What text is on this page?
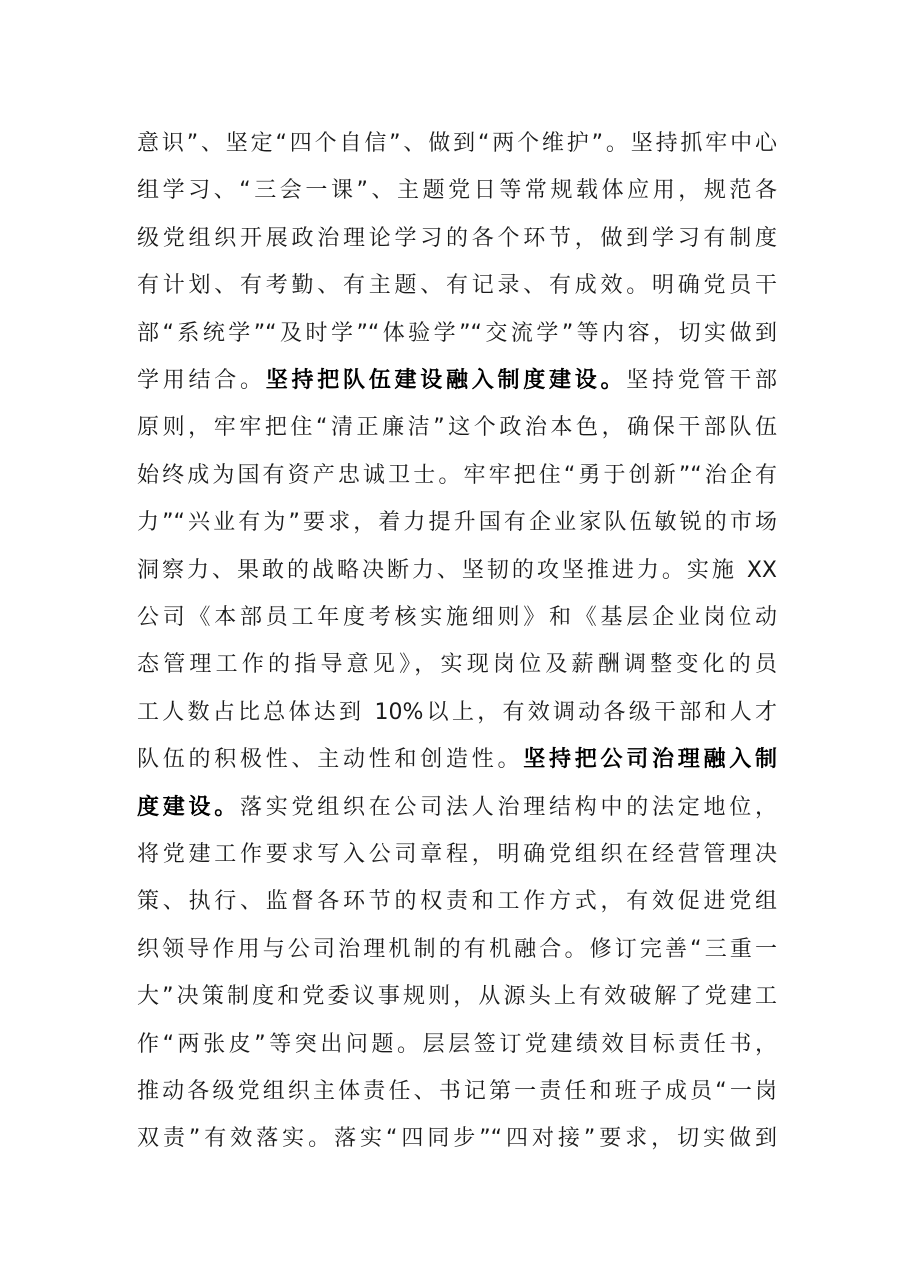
意识”、坚定“四个自信”、做到“两个维护”。坚持抓牢中心
组学习、“三会一课”、主题党日等常规载体应用，规范各
级党组织开展政治理论学习的各个环节，做到学习有制度
有计划、有考勤、有主题、有记录、有成效。明确党员干
部“系统学”“及时学”“体验学”“交流学”等内容，切实做到
学用结合。坚持把队伍建设融入制度建设。坚持党管干部
原则，牢牢把住“清正廉洁”这个政治本色，确保干部队伍
始终成为国有资产忠诚卫士。牢牢把住“勇于创新”“治企有
力”“兴业有为”要求，着力提升国有企业家队伍敏锐的市场
洞察力、果敢的战略决断力、坚韧的攻坚推进力。实施 XX
公司《本部员工年度考核实施细则》和《基层企业岗位动
态管理工作的指导意见》，实现岗位及薪酬调整变化的员
工人数占比总体达到 10%以上，有效调动各级干部和人才
队伍的积极性、主动性和创造性。坚持把公司治理融入制
度建设。落实党组织在公司法人治理结构中的法定地位，
将党建工作要求写入公司章程，明确党组织在经营管理决
策、执行、监督各环节的权责和工作方式，有效促进党组
织领导作用与公司治理机制的有机融合。修订完善“三重一
大”决策制度和党委议事规则，从源头上有效破解了党建工
作“两张皮”等突出问题。层层签订党建绩效目标责任书，
推动各级党组织主体责任、书记第一责任和班子成员“一岗
双责”有效落实。落实“四同步”“四对接”要求，切实做到
